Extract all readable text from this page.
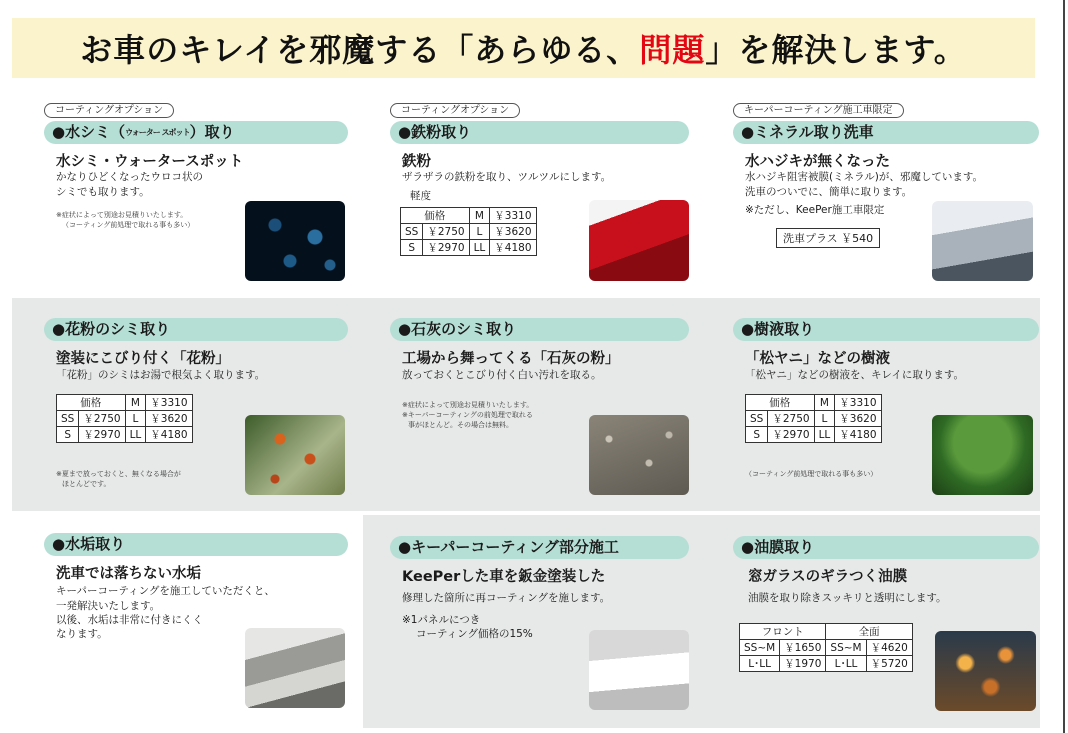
お車のキレイを邪魔する「あらゆる、問題」を解決します。
コーティングオプション
●水シミ（ウォーター スポット）取り
水シミ・ウォータースポット
かなりひどくなったウロコ状の
シミでも取ります。
※症状によって別途お見積りいたします。
（コーティング前処理で取れる事も多い）
コーティングオプション
●鉄粉取り
鉄粉
ザラザラの鉄粉を取り、ツルツルにします。
軽度
価格		M	￥3310
SS	￥2750	L	￥3620
S	￥2970	LL	￥4180
キーパーコーティング施工車限定
●ミネラル取り洗車
水ハジキが無くなった
水ハジキ阻害被膜(ミネラル)が、邪魔しています。
洗車のついでに、簡単に取ります。
※ただし、KeePer施工車限定
洗車プラス ￥540
●花粉のシミ取り
塗装にこびり付く「花粉」
「花粉」のシミはお湯で根気よく取ります。
価格		M	￥3310
SS	￥2750	L	￥3620
S	￥2970	LL	￥4180
※夏まで放っておくと、無くなる場合が
ほとんどです。
●石灰のシミ取り
工場から舞ってくる「石灰の粉」
放っておくとこびり付く白い汚れを取る。
※症状によって別途お見積りいたします。
※キーパーコーティングの前処理で取れる
事がほとんど。その場合は無料。
●樹液取り
「松ヤニ」などの樹液
「松ヤニ」などの樹液を、キレイに取ります。
価格		M	￥3310
SS	￥2750	L	￥3620
S	￥2970	LL	￥4180
（コーティング前処理で取れる事も多い）
●水垢取り
洗車では落ちない水垢
キーパーコーティングを施工していただくと、
一発解決いたします。
以後、水垢は非常に付きにくく
なります。
●キーパーコーティング部分施工
KeePerした車を鈑金塗装した
修理した箇所に再コーティングを施します。
※1パネルにつき
コーティング価格の15%
●油膜取り
窓ガラスのギラつく油膜
油膜を取り除きスッキリと透明にします。
フロント		全面	
SS~M	￥1650	SS~M	￥4620
L･LL	￥1970	L･LL	￥5720
